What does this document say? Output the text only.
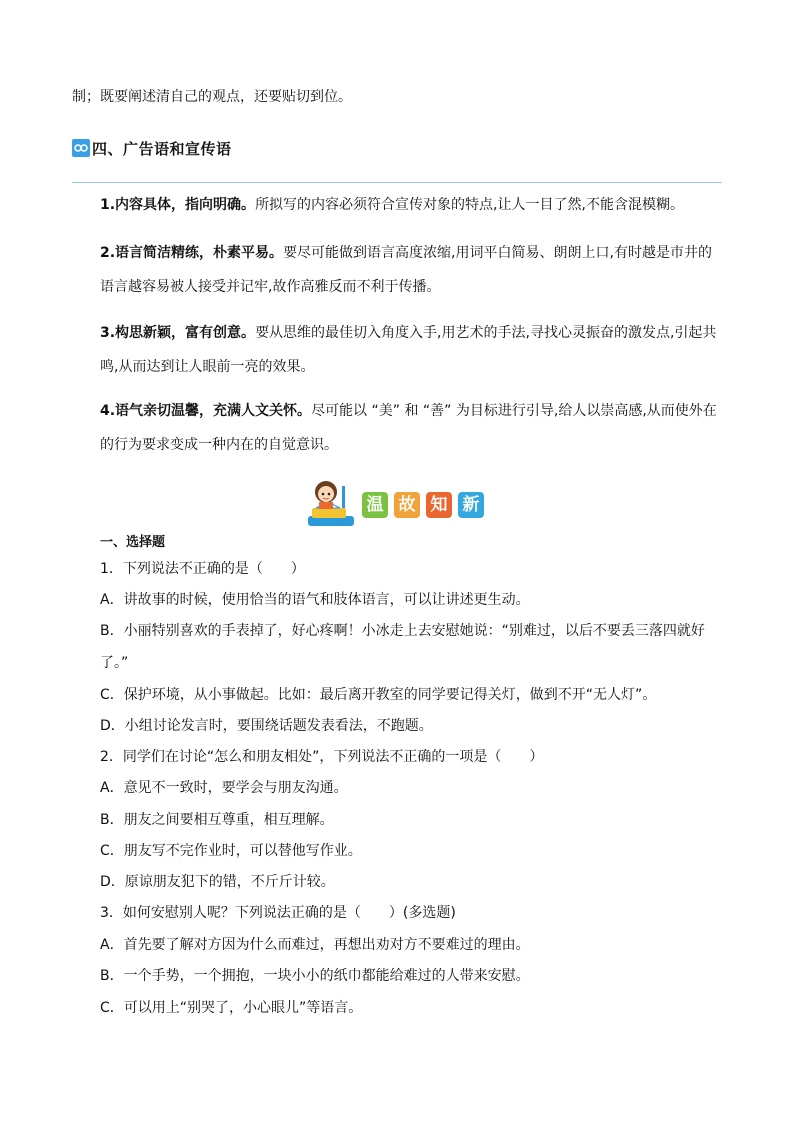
制；既要阐述清自己的观点，还要贴切到位。
四、广告语和宣传语
1.内容具体，指向明确。所拟写的内容必须符合宣传对象的特点,让人一目了然,不能含混模糊。
2.语言简洁精练，朴素平易。要尽可能做到语言高度浓缩,用词平白简易、朗朗上口,有时越是市井的语言越容易被人接受并记牢,故作高雅反而不利于传播。
3.构思新颖，富有创意。要从思维的最佳切入角度入手,用艺术的手法,寻找心灵振奋的激发点,引起共鸣,从而达到让人眼前一亮的效果。
4.语气亲切温馨，充满人文关怀。尽可能以 “美” 和 “善” 为目标进行引导,给人以崇高感,从而使外在的行为要求变成一种内在的自觉意识。
温 故 知 新
一、选择题
1．下列说法不正确的是（　　）
A．讲故事的时候，使用恰当的语气和肢体语言，可以让讲述更生动。
B．小丽特别喜欢的手表掉了，好心疼啊！小冰走上去安慰她说：“别难过，以后不要丢三落四就好
了。”
C．保护环境，从小事做起。比如：最后离开教室的同学要记得关灯，做到不开“无人灯”。
D．小组讨论发言时，要围绕话题发表看法，不跑题。
2．同学们在讨论“怎么和朋友相处”，下列说法不正确的一项是（　　）
A．意见不一致时，要学会与朋友沟通。
B．朋友之间要相互尊重，相互理解。
C．朋友写不完作业时，可以替他写作业。
D．原谅朋友犯下的错，不斤斤计较。
3．如何安慰别人呢？下列说法正确的是（　　）(多选题)
A．首先要了解对方因为什么而难过，再想出劝对方不要难过的理由。
B．一个手势，一个拥抱，一块小小的纸巾都能给难过的人带来安慰。
C．可以用上“别哭了，小心眼儿”等语言。
